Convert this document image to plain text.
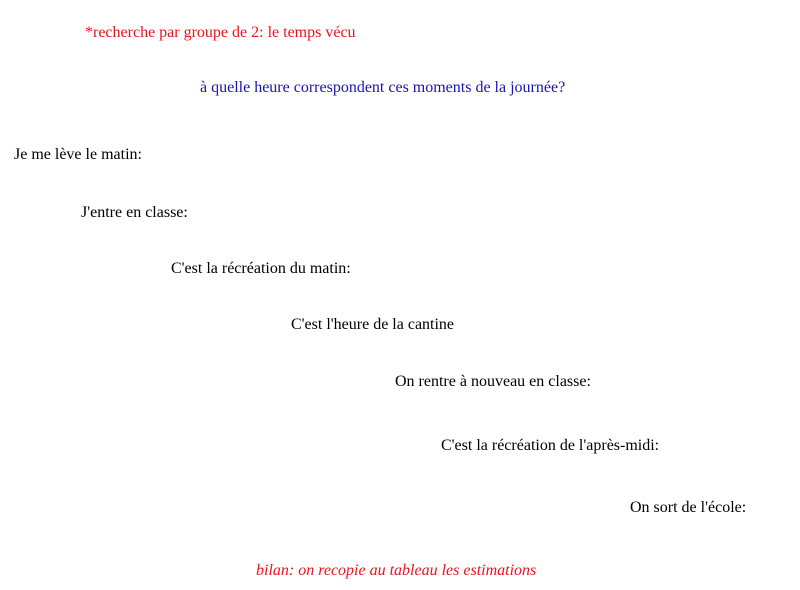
*recherche par groupe de 2: le temps vécu
à quelle heure correspondent ces moments de la journée?
Je me lève le matin:
J'entre en classe:
C'est la récréation du matin:
C'est l'heure de la cantine
On rentre à nouveau en classe:
C'est la récréation de l'après-midi:
On sort de l'école:
bilan: on recopie au tableau les estimations
